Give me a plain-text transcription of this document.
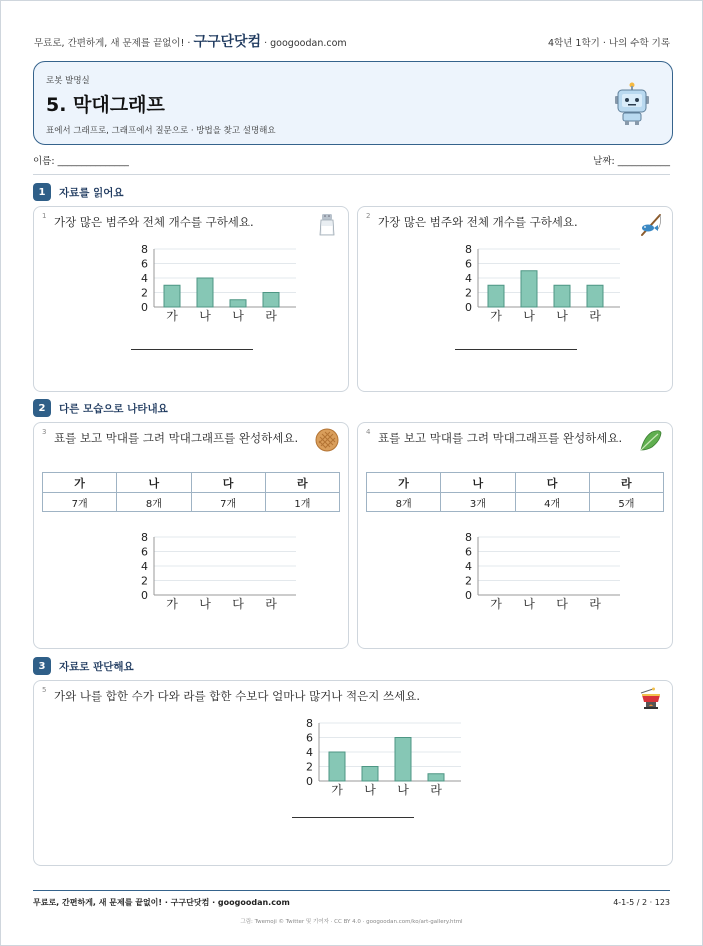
무료로, 간편하게, 새 문제를 끝없이! · 구구단닷컴 · googoodan.com	4학년 1학기 · 나의 수학 기록
로봇 발명실
5. 막대그래프
표에서 그래프로, 그래프에서 질문으로 · 방법을 찾고 설명해요
이름: _______________	날짜: ___________
1	자료를 읽어요
1 가장 많은 범주와 전체 개수를 구하세요.
0
2
4
6
8
가 나 나 라
2 가장 많은 범주와 전체 개수를 구하세요.
0
2
4
6
8
가 나 나 라
2	다른 모습으로 나타내요
3 표를 보고 막대를 그려 막대그래프를 완성하세요.
가	나	다	라
7개	8개	7개	1개
0
2
4
6
8
가 나 다 라
4 표를 보고 막대를 그려 막대그래프를 완성하세요.
가	나	다	라
8개	3개	4개	5개
0
2
4
6
8
가 나 다 라
3	자료로 판단해요
5 가와 나를 합한 수가 다와 라를 합한 수보다 얼마나 많거나 적은지 쓰세요.
0
2
4
6
8
가 나 나 라
무료로, 간편하게, 새 문제를 끝없이! · 구구단닷컴 · googoodan.com	4-1-5 / 2 · 123
그림: Twemoji © Twitter 및 기여자 · CC BY 4.0 · googoodan.com/ko/art-gallery.html
